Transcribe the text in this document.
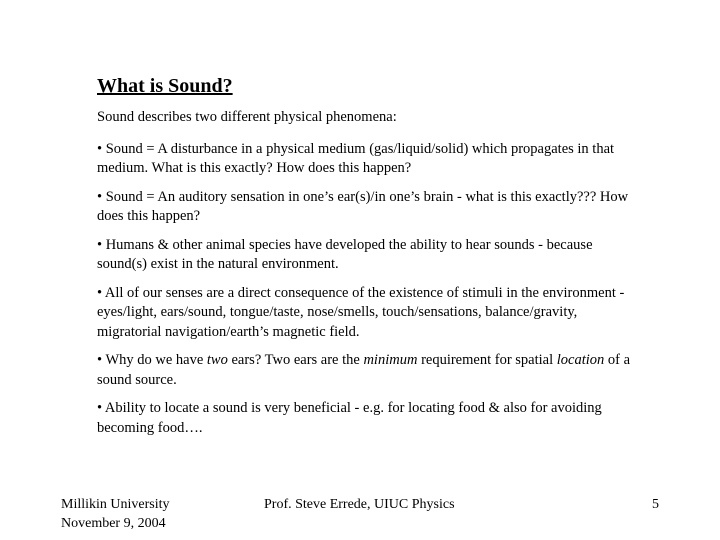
What is Sound?

Sound describes two different physical phenomena:

• Sound = A disturbance in a physical medium (gas/liquid/solid) which propagates in that medium. What is this exactly? How does this happen?

• Sound = An auditory sensation in one’s ear(s)/in one’s brain - what is this exactly??? How does this happen?

• Humans & other animal species have developed the ability to hear sounds - because sound(s) exist in the natural environment.

• All of our senses are a direct consequence of the existence of stimuli in the environment - eyes/light, ears/sound, tongue/taste, nose/smells, touch/sensations, balance/gravity, migratorial navigation/earth’s magnetic field.

• Why do we have two ears? Two ears are the minimum requirement for spatial location of a sound source.

• Ability to locate a sound is very beneficial - e.g. for locating food & also for avoiding becoming food….

Millikin University
November 9, 2004
Prof. Steve Errede, UIUC Physics	5
